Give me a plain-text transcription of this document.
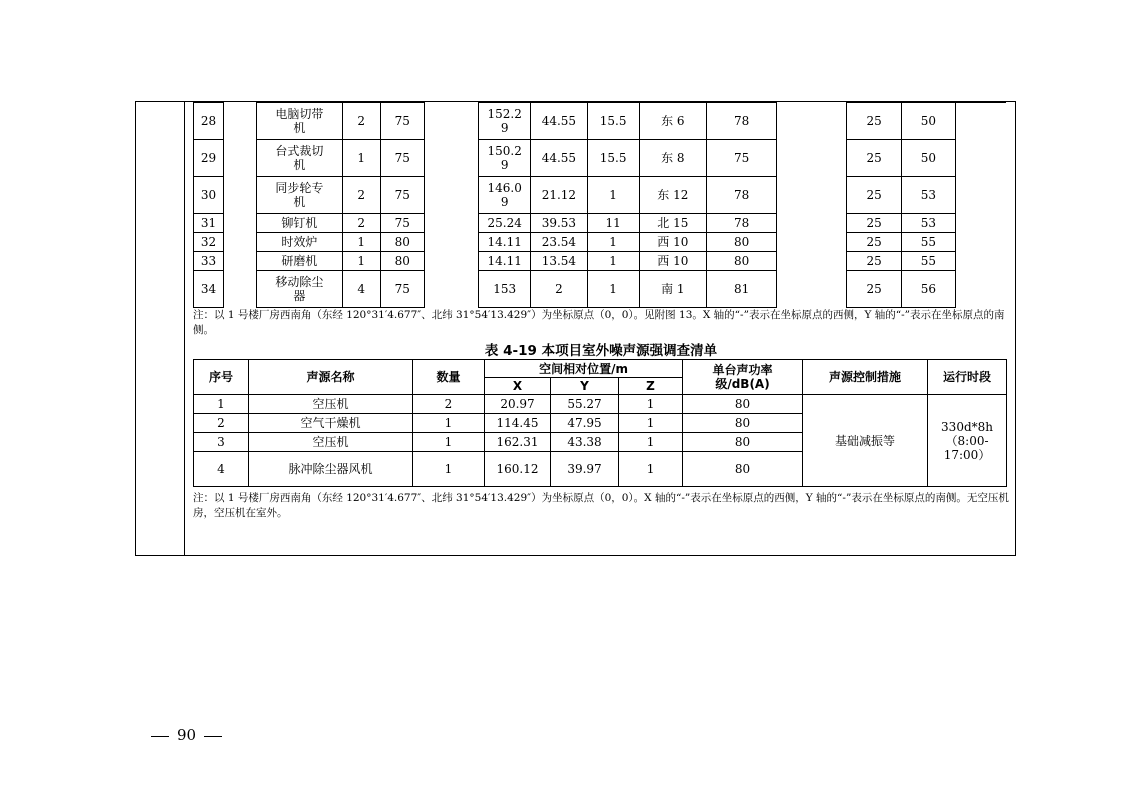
28		电脑切带机	2	75		152.29	44.55	15.5	东 6	78		25	50
29		台式裁切机	1	75		150.29	44.55	15.5	东 8	75		25	50
30		同步轮专机	2	75		146.09	21.12	1	东 12	78		25	53
31		铆钉机	2	75		25.24	39.53	11	北 15	78		25	53
32		时效炉	1	80		14.11	23.54	1	西 10	80		25	55
33		研磨机	1	80		14.11	13.54	1	西 10	80		25	55
34		移动除尘器	4	75		153	2	1	南 1	81		25	56
注：以 1 号楼厂房西南角（东经 120°31′4.677″、北纬 31°54′13.429″）为坐标原点（0，0）。见附图 13。X 轴的“-”表示在坐标原点的西侧，Y 轴的“-”表示在坐标原点的南侧。
表 4-19 本项目室外噪声源强调查清单
序号	声源名称	数量	空间相对位置/m			单台声功率级/dB(A)	声源控制措施	运行时段
			X	Y	Z			
1	空压机	2	20.97	55.27	1	80	基础减振等	330d*8h
（8:00-17:00）

2	空气干燥机	1	114.45	47.95	1	80		
3	空压机	1	162.31	43.38	1	80		
4	脉冲除尘器风机	1	160.12	39.97	1	80		
注：以 1 号楼厂房西南角（东经 120°31′4.677″、北纬 31°54′13.429″）为坐标原点（0，0）。X 轴的“-”表示在坐标原点的西侧，Y 轴的“-”表示在坐标原点的南侧。无空压机房，空压机在室外。
90
